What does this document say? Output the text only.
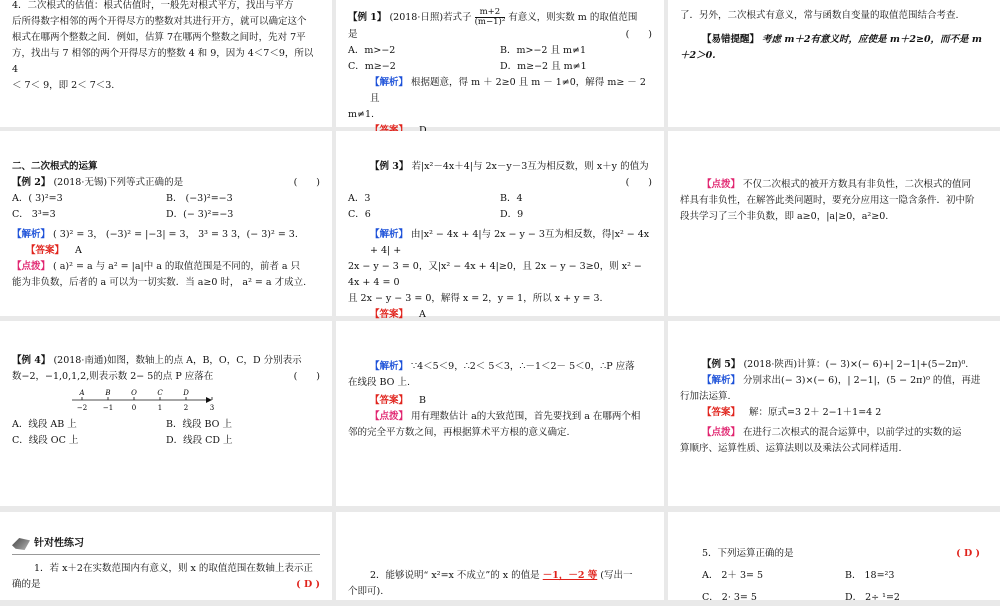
4．二次根式的估值：根式估值时，一般先对根式平方，找出与平方
后所得数字相邻的两个开得尽方的整数对其进行开方，就可以确定这个
根式在哪两个整数之间．例如，估算 7在哪两个整数之间时，先对 7平
方，找出与 7 相邻的两个开得尽方的整数 4 和 9，因为 4＜7＜9，所以 4
＜ 7＜ 9，即 2＜ 7＜3.
【例 1】 (2018·日照)若式子 $\frac{m+2}{\text{(m−1)²}}$ 有意义，则实数 m 的取值范围
是	(　　)
A．m>−2	B．m>−2 且 m≠1
C．m≥−2	D．m≥−2 且 m≠1
【解析】 根据题意，得 m ＋ 2≥0 且 m － 1≠0，解得 m≥ － 2 且
m≠1.
了．另外，二次根式有意义，常与函数自变量的取值范围结合考查.
【易错提醒】 考虑 m＋2有意义时，应使是 m＋2≥0，而不是 m
＋2＞0.
二、二次根式的运算
【例 2】 (2018·无锡)下列等式正确的是	(　　)
A．( 3)²=3	B． (−3)²=−3
C． 3³=3	D．(− 3)²=−3
【解析】 ( 3)² = 3， (−3)² = |−3| = 3， 3³ = 3 3，(− 3)² = 3.
【答案】 A
【点拨】 ( a)² = a 与 a² = |a|中 a 的取值范围是不同的，前者 a 只
能为非负数，后者的 a 可以为一切实数．当 a≥0 时， a² = a 才成立.
【例 3】 若|x²－4x＋4|与 2x－y－3互为相反数，则 x＋y 的值为
(　　)
A．3	B．4
C．6	D．9
【解析】 由|x² − 4x + 4|与 2x − y − 3互为相反数，得|x² − 4x + 4| +
2x − y − 3 = 0，又|x² − 4x + 4|≥0，且 2x − y − 3≥0，则 x² − 4x + 4 = 0
且 2x − y − 3 = 0，解得 x = 2，y = 1，所以 x + y = 3.
【答案】 A
【点拨】 不仅二次根式的被开方数具有非负性，二次根式的值同
样具有非负性，在解答此类问题时，要充分应用这一隐含条件．初中阶
段共学习了三个非负数，即 a≥0，|a|≥0，a²≥0.
【例 4】 (2018·南通)如图，数轴上的点 A，B，O，C，D 分别表示
数−2，−1,0,1,2,则表示数 2− 5的点 P 应落在	(　　)
A	B	O	C	D
−2 −1	0	1	2	3
A．线段 AB 上	B．线段 BO 上
C．线段 OC 上	D．线段 CD 上
【解析】 ∵4＜5＜9，∴2＜ 5＜3，∴－1＜2－ 5＜0，∴P 应落
在线段 BO 上.
【答案】 B
【点拨】 用有理数估计 a的大致范围，首先要找到 a 在哪两个相
邻的完全平方数之间，再根据算术平方根的意义确定.
【例 5】 (2018·陕西)计算：(− 3)×(− 6)+| 2−1|+(5−2π)⁰.
【解析】 分别求出(− 3)×(− 6)，| 2−1|，(5 − 2π)⁰ 的值，再进
行加法运算.
【答案】 解：原式=3 2＋ 2−1＋1=4 2
【点拨】 在进行二次根式的混合运算中，以前学过的实数的运
算顺序、运算性质、运算法则以及乘法公式同样适用.
针对性练习
1．若 x＋2在实数范围内有意义，则 x 的取值范围在数轴上表示正
确的是	( D )
2．能够说明“ x²=x 不成立”的 x 的值是 －1，－2 等 (写出一
个即可).
5．下列运算正确的是	( D )
A． 2＋ 3= 5	B． 18=²3
C． 2· 3= 5	D． 2÷ ¹=2
